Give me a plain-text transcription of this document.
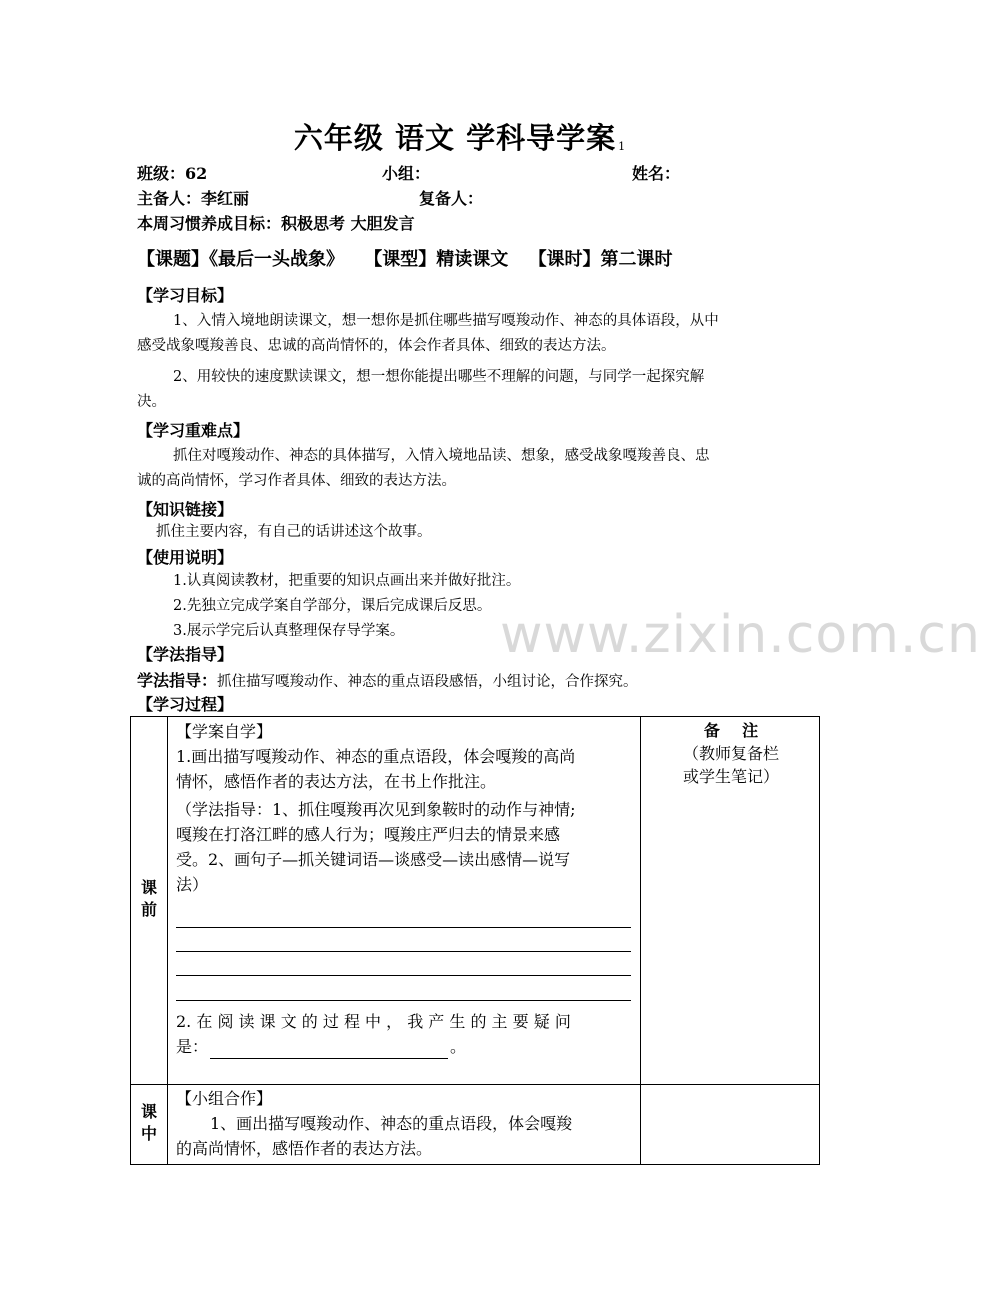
六年级 语文 学科导学案 $^1$
班级：62	小组：	姓名：
主备人：李红丽	复备人：
本周习惯养成目标：积极思考 大胆发言
【课题】《最后一头战象》 【课型】精读课文 【课时】第二课时
【学习目标】
1、入情入境地朗读课文，想一想你是抓住哪些描写嘎羧动作、神态的具体语段，从中
感受战象嘎羧善良、忠诚的高尚情怀的，体会作者具体、细致的表达方法。
2、用较快的速度默读课文，想一想你能提出哪些不理解的问题，与同学一起探究解
决。
【学习重难点】
抓住对嘎羧动作、神态的具体描写，入情入境地品读、想象，感受战象嘎羧善良、忠
诚的高尚情怀，学习作者具体、细致的表达方法。
【知识链接】
抓住主要内容，有自己的话讲述这个故事。
【使用说明】
1.认真阅读教材，把重要的知识点画出来并做好批注。
2.先独立完成学案自学部分，课后完成课后反思。
3.展示学完后认真整理保存导学案。
【学法指导】
学法指导：抓住描写嘎羧动作、神态的重点语段感悟，小组讨论，合作探究。
【学习过程】
www.zixin.com.cn
课前
【学案自学】
1.画出描写嘎羧动作、神态的重点语段，体会嘎羧的高尚
情怀，感悟作者的表达方法，在书上作批注。
（学法指导：1、抓住嘎羧再次见到象鞍时的动作与神情;
嘎羧在打洛江畔的感人行为；嘎羧庄严归去的情景来感
受。2、画句子—抓关键词语—谈感受—读出感情—说写
法）
2. 在 阅 读 课 文 的 过 程 中 ， 我 产 生 的 主 要 疑 问
是：	。
备    注
（教师复备栏
或学生笔记）
课中
【小组合作】
1、画出描写嘎羧动作、神态的重点语段，体会嘎羧
的高尚情怀，感悟作者的表达方法。
